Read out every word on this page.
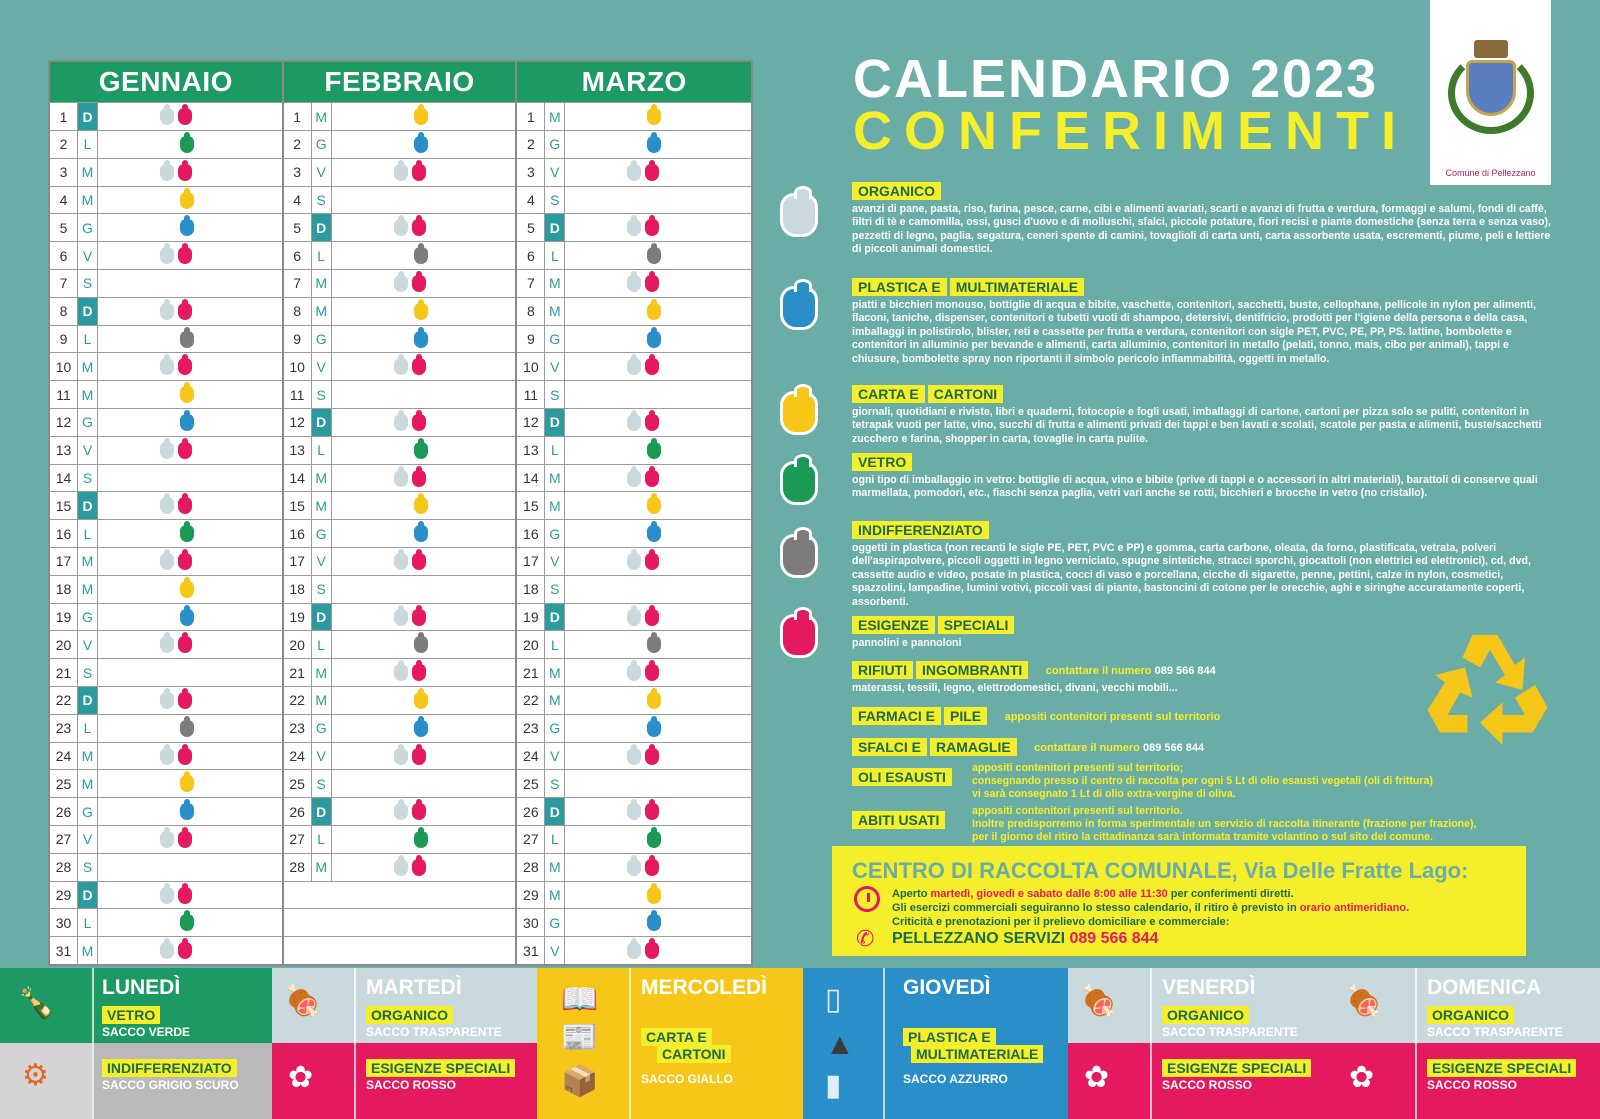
GENNAIO
1	D
2	L
3	M
4	M
5	G
6	V
7	S
8	D
9	L
10 M
11 M
12 G
13 V
14 S
15 D
16 L
17 M
18 M
19 G
20 V
21 S
22 D
23 L
24 M
25 M
26 G
27 V
28 S
29 D
30 L
31 M
FEBBRAIO
1	M
2	G
3	V
4	S
5	D
6	L
7	M
8	M
9	G
10 V
11 S
12 D
13 L
14 M
15 M
16 G
17 V
18 S
19 D
20 L
21 M
22 M
23 G
24 V
25 S
26 D
27 L
28 M
MARZO
1	M
2	G
3	V
4	S
5	D
6	L
7	M
8	M
9	G
10 V
11 S
12 D
13 L
14 M
15 M
16 G
17 V
18 S
19 D
20 L
21 M
22 M
23 G
24 V
25 S
26 D
27 L
28 M
29 M
30 G
31 V
CALENDARIO 2023
CONFERIMENTI
Comune di Pellezzano
ORGANICO
avanzi di pane, pasta, riso, farina, pesce, carne, cibi e alimenti avariati, scarti e avanzi di frutta e verdura, formaggi e salumi, fondi di caffè, filtri di tè e camomilla, ossi, gusci d'uovo e di molluschi, sfalci, piccole potature, fiori recisi e piante domestiche (senza terra e senza vaso), pezzetti di legno, paglia, segatura, ceneri spente di camini, tovaglioli di carta unti, carta assorbente usata, escrementi, piume, peli e lettiere di piccoli animali domestici.
PLASTICA E MULTIMATERIALE
piatti e bicchieri monouso, bottiglie di acqua e bibite, vaschette, contenitori, sacchetti, buste, cellophane, pellicole in nylon per alimenti, flaconi, taniche, dispenser, contenitori e tubetti vuoti di shampoo, detersivi, dentifricio, prodotti per l'igiene della persona e della casa, imballaggi in polistirolo, blister, reti e cassette per frutta e verdura, contenitori con sigle PET, PVC, PE, PP, PS. lattine, bombolette e contenitori in alluminio per bevande e alimenti, carta alluminio, contenitori in metallo (pelati, tonno, mais, cibo per animali), tappi e chiusure, bombolette spray non riportanti il simbolo pericolo infiammabilità, oggetti in metallo.
CARTA E CARTONI
giornali, quotidiani e riviste, libri e quaderni, fotocopie e fogli usati, imballaggi di cartone, cartoni per pizza solo se puliti, contenitori in tetrapak vuoti per latte, vino, succhi di frutta e alimenti privati dei tappi e ben lavati e scolati, scatole per pasta e alimenti, buste/sacchetti zucchero e farina, shopper in carta, tovaglie in carta pulite.
VETRO
ogni tipo di imballaggio in vetro: bottiglie di acqua, vino e bibite (prive di tappi e o accessori in altri materiali), barattoli di conserve quali marmellata, pomodori, etc., fiaschi senza paglia, vetri vari anche se rotti, bicchieri e brocche in vetro (no cristallo).
INDIFFERENZIATO
oggetti in plastica (non recanti le sigle PE, PET, PVC e PP) e gomma, carta carbone, oleata, da forno, plastificata, vetrata, polveri dell'aspirapolvere, piccoli oggetti in legno verniciato, spugne sintetiche, stracci sporchi, giocattoli (non elettrici ed elettronici), cd, dvd, cassette audio e video, posate in plastica, cocci di vaso e porcellana, cicche di sigarette, penne, pettini, calze in nylon, cosmetici, spazzolini, lampadine, lumini votivi, piccoli vasi di piante, bastoncini di cotone per le orecchie, aghi e siringhe accuratamente coperti, assorbenti.
ESIGENZE SPECIALI
pannolini e pannoloni
RIFIUTI INGOMBRANTI contattare il numero 089 566 844
materassi, tessili, legno, elettrodomestici, divani, vecchi mobili...
FARMACI E PILE appositi contenitori presenti sul territorio
SFALCI E RAMAGLIE contattare il numero 089 566 844
appositi contenitori presenti sul territorio;
consegnando presso il centro di raccolta per ogni 5 Lt di olio esausti vegetali (oli di frittura)
vi sarà consegnato 1 Lt di olio extra-vergine di oliva.
OLI ESAUSTI
appositi contenitori presenti sul territorio.
Inoltre predisporremo in forma sperimentale un servizio di raccolta itinerante (frazione per frazione),
per il giorno del ritiro la cittadinanza sarà informata tramite volantino o sul sito del comune.
ABITI USATI
CENTRO DI RACCOLTA COMUNALE, Via Delle Fratte Lago:
Aperto martedì, giovedì e sabato dalle 8:00 alle 11:30 per conferimenti diretti.
Gli esercizi commerciali seguiranno lo stesso calendario, il ritiro è previsto in orario antimeridiano.
Criticità e prenotazioni per il prelievo domiciliare e commerciale:
✆ PELLEZZANO SERVIZI 089 566 844
🍾
⚙
LUNEDÌ
VETRO
SACCO VERDE
INDIFFERENZIATO
SACCO GRIGIO SCURO
🍖
✿
MARTEDÌ
ORGANICO
SACCO TRASPARENTE
ESIGENZE SPECIALI
SACCO ROSSO
📖
📰
📦
MERCOLEDÌ
CARTA E
CARTONI
SACCO GIALLO
▯
▲
▮
GIOVEDÌ
PLASTICA E
MULTIMATERIALE
SACCO AZZURRO
🍖
✿
VENERDÌ
ORGANICO
SACCO TRASPARENTE
ESIGENZE SPECIALI
SACCO ROSSO
🍖
✿
DOMENICA
ORGANICO
SACCO TRASPARENTE
ESIGENZE SPECIALI
SACCO ROSSO
